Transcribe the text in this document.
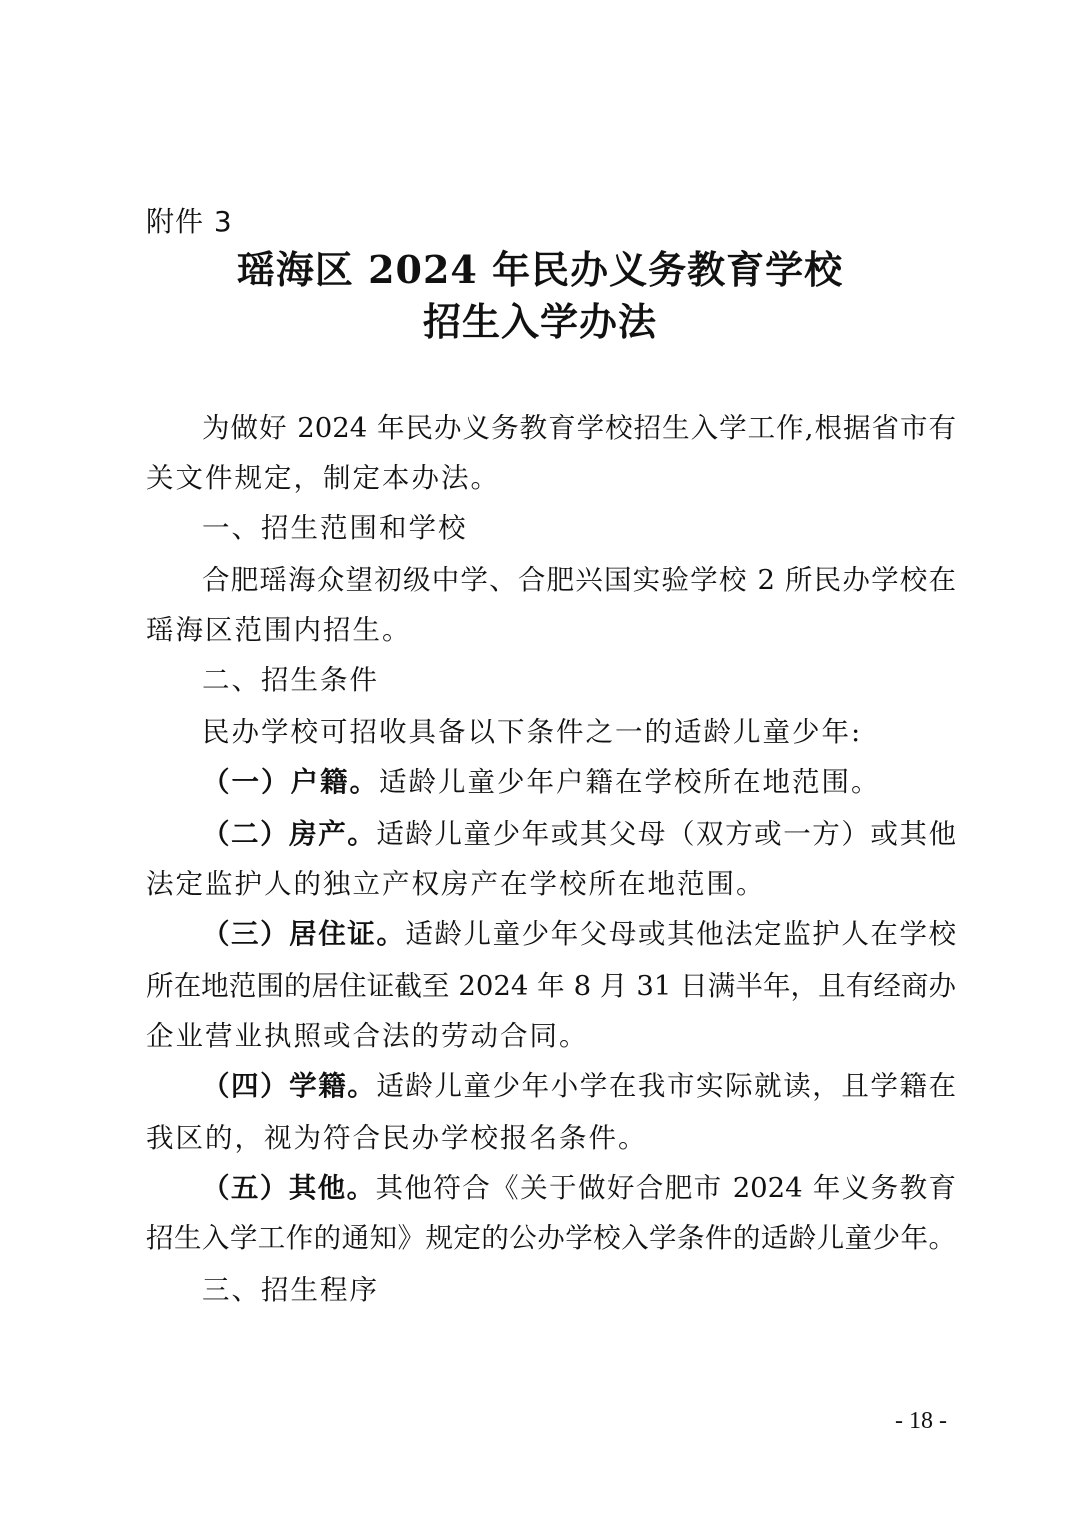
附件 3
瑶海区 2024 年民办义务教育学校
招生入学办法
为做好 2024 年民办义务教育学校招生入学工作,根据省市有
关文件规定，制定本办法。
一、招生范围和学校
合肥瑶海众望初级中学、合肥兴国实验学校 2 所民办学校在
瑶海区范围内招生。
二、招生条件
民办学校可招收具备以下条件之一的适龄儿童少年:
（一）户籍。适龄儿童少年户籍在学校所在地范围。
（二）房产。适龄儿童少年或其父母（双方或一方）或其他
法定监护人的独立产权房产在学校所在地范围。
（三）居住证。适龄儿童少年父母或其他法定监护人在学校
所在地范围的居住证截至 2024 年 8 月 31 日满半年，且有经商办
企业营业执照或合法的劳动合同。
（四）学籍。适龄儿童少年小学在我市实际就读，且学籍在
我区的，视为符合民办学校报名条件。
（五）其他。其他符合《关于做好合肥市 2024 年义务教育
招生入学工作的通知》规定的公办学校入学条件的适龄儿童少年。
三、招生程序
- 18 -
